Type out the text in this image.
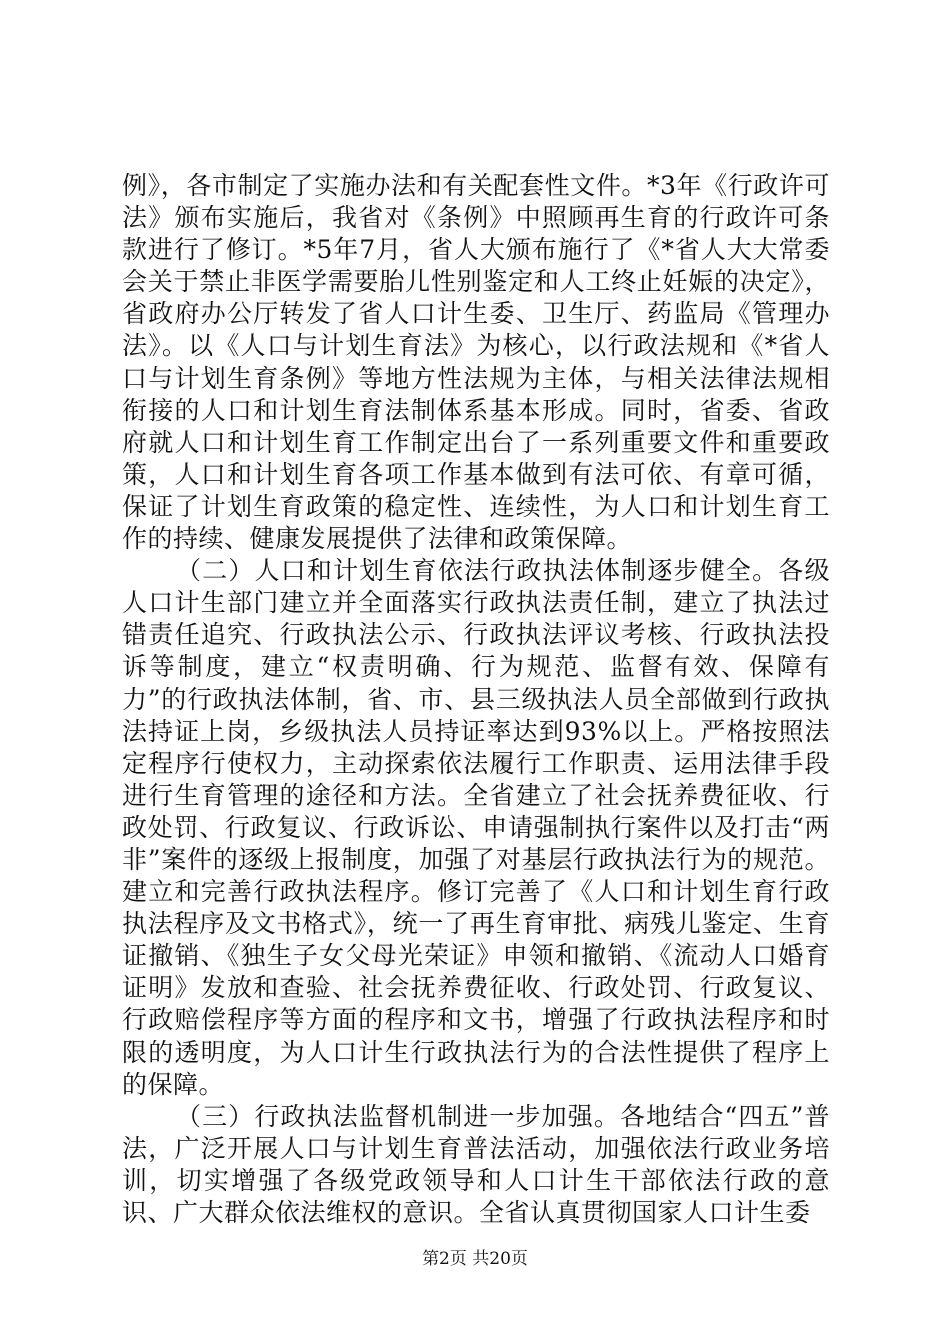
例》，各市制定了实施办法和有关配套性文件。*3年《行政许可法》颁布实施后，我省对《条例》中照顾再生育的行政许可条款进行了修订。*5年7月，省人大颁布施行了《*省人大大常委会关于禁止非医学需要胎儿性别鉴定和人工终止妊娠的决定》，省政府办公厅转发了省人口计生委、卫生厅、药监局《管理办法》。以《人口与计划生育法》为核心，以行政法规和《*省人口与计划生育条例》等地方性法规为主体，与相关法律法规相衔接的人口和计划生育法制体系基本形成。同时，省委、省政府就人口和计划生育工作制定出台了一系列重要文件和重要政策，人口和计划生育各项工作基本做到有法可依、有章可循，保证了计划生育政策的稳定性、连续性，为人口和计划生育工作的持续、健康发展提供了法律和政策保障。

（二）人口和计划生育依法行政执法体制逐步健全。各级人口计生部门建立并全面落实行政执法责任制，建立了执法过错责任追究、行政执法公示、行政执法评议考核、行政执法投诉等制度，建立“权责明确、行为规范、监督有效、保障有力”的行政执法体制，省、市、县三级执法人员全部做到行政执法持证上岗，乡级执法人员持证率达到93%以上。严格按照法定程序行使权力，主动探索依法履行工作职责、运用法律手段进行生育管理的途径和方法。全省建立了社会抚养费征收、行政处罚、行政复议、行政诉讼、申请强制执行案件以及打击“两非”案件的逐级上报制度，加强了对基层行政执法行为的规范。建立和完善行政执法程序。修订完善了《人口和计划生育行政执法程序及文书格式》，统一了再生育审批、病残儿鉴定、生育证撤销、《独生子女父母光荣证》申领和撤销、《流动人口婚育证明》发放和查验、社会抚养费征收、行政处罚、行政复议、行政赔偿程序等方面的程序和文书，增强了行政执法程序和时限的透明度，为人口计生行政执法行为的合法性提供了程序上的保障。

（三）行政执法监督机制进一步加强。各地结合“四五”普法，广泛开展人口与计划生育普法活动，加强依法行政业务培训，切实增强了各级党政领导和人口计生干部依法行政的意识、广大群众依法维权的意识。全省认真贯彻国家人口计生委

第2页 共20页
